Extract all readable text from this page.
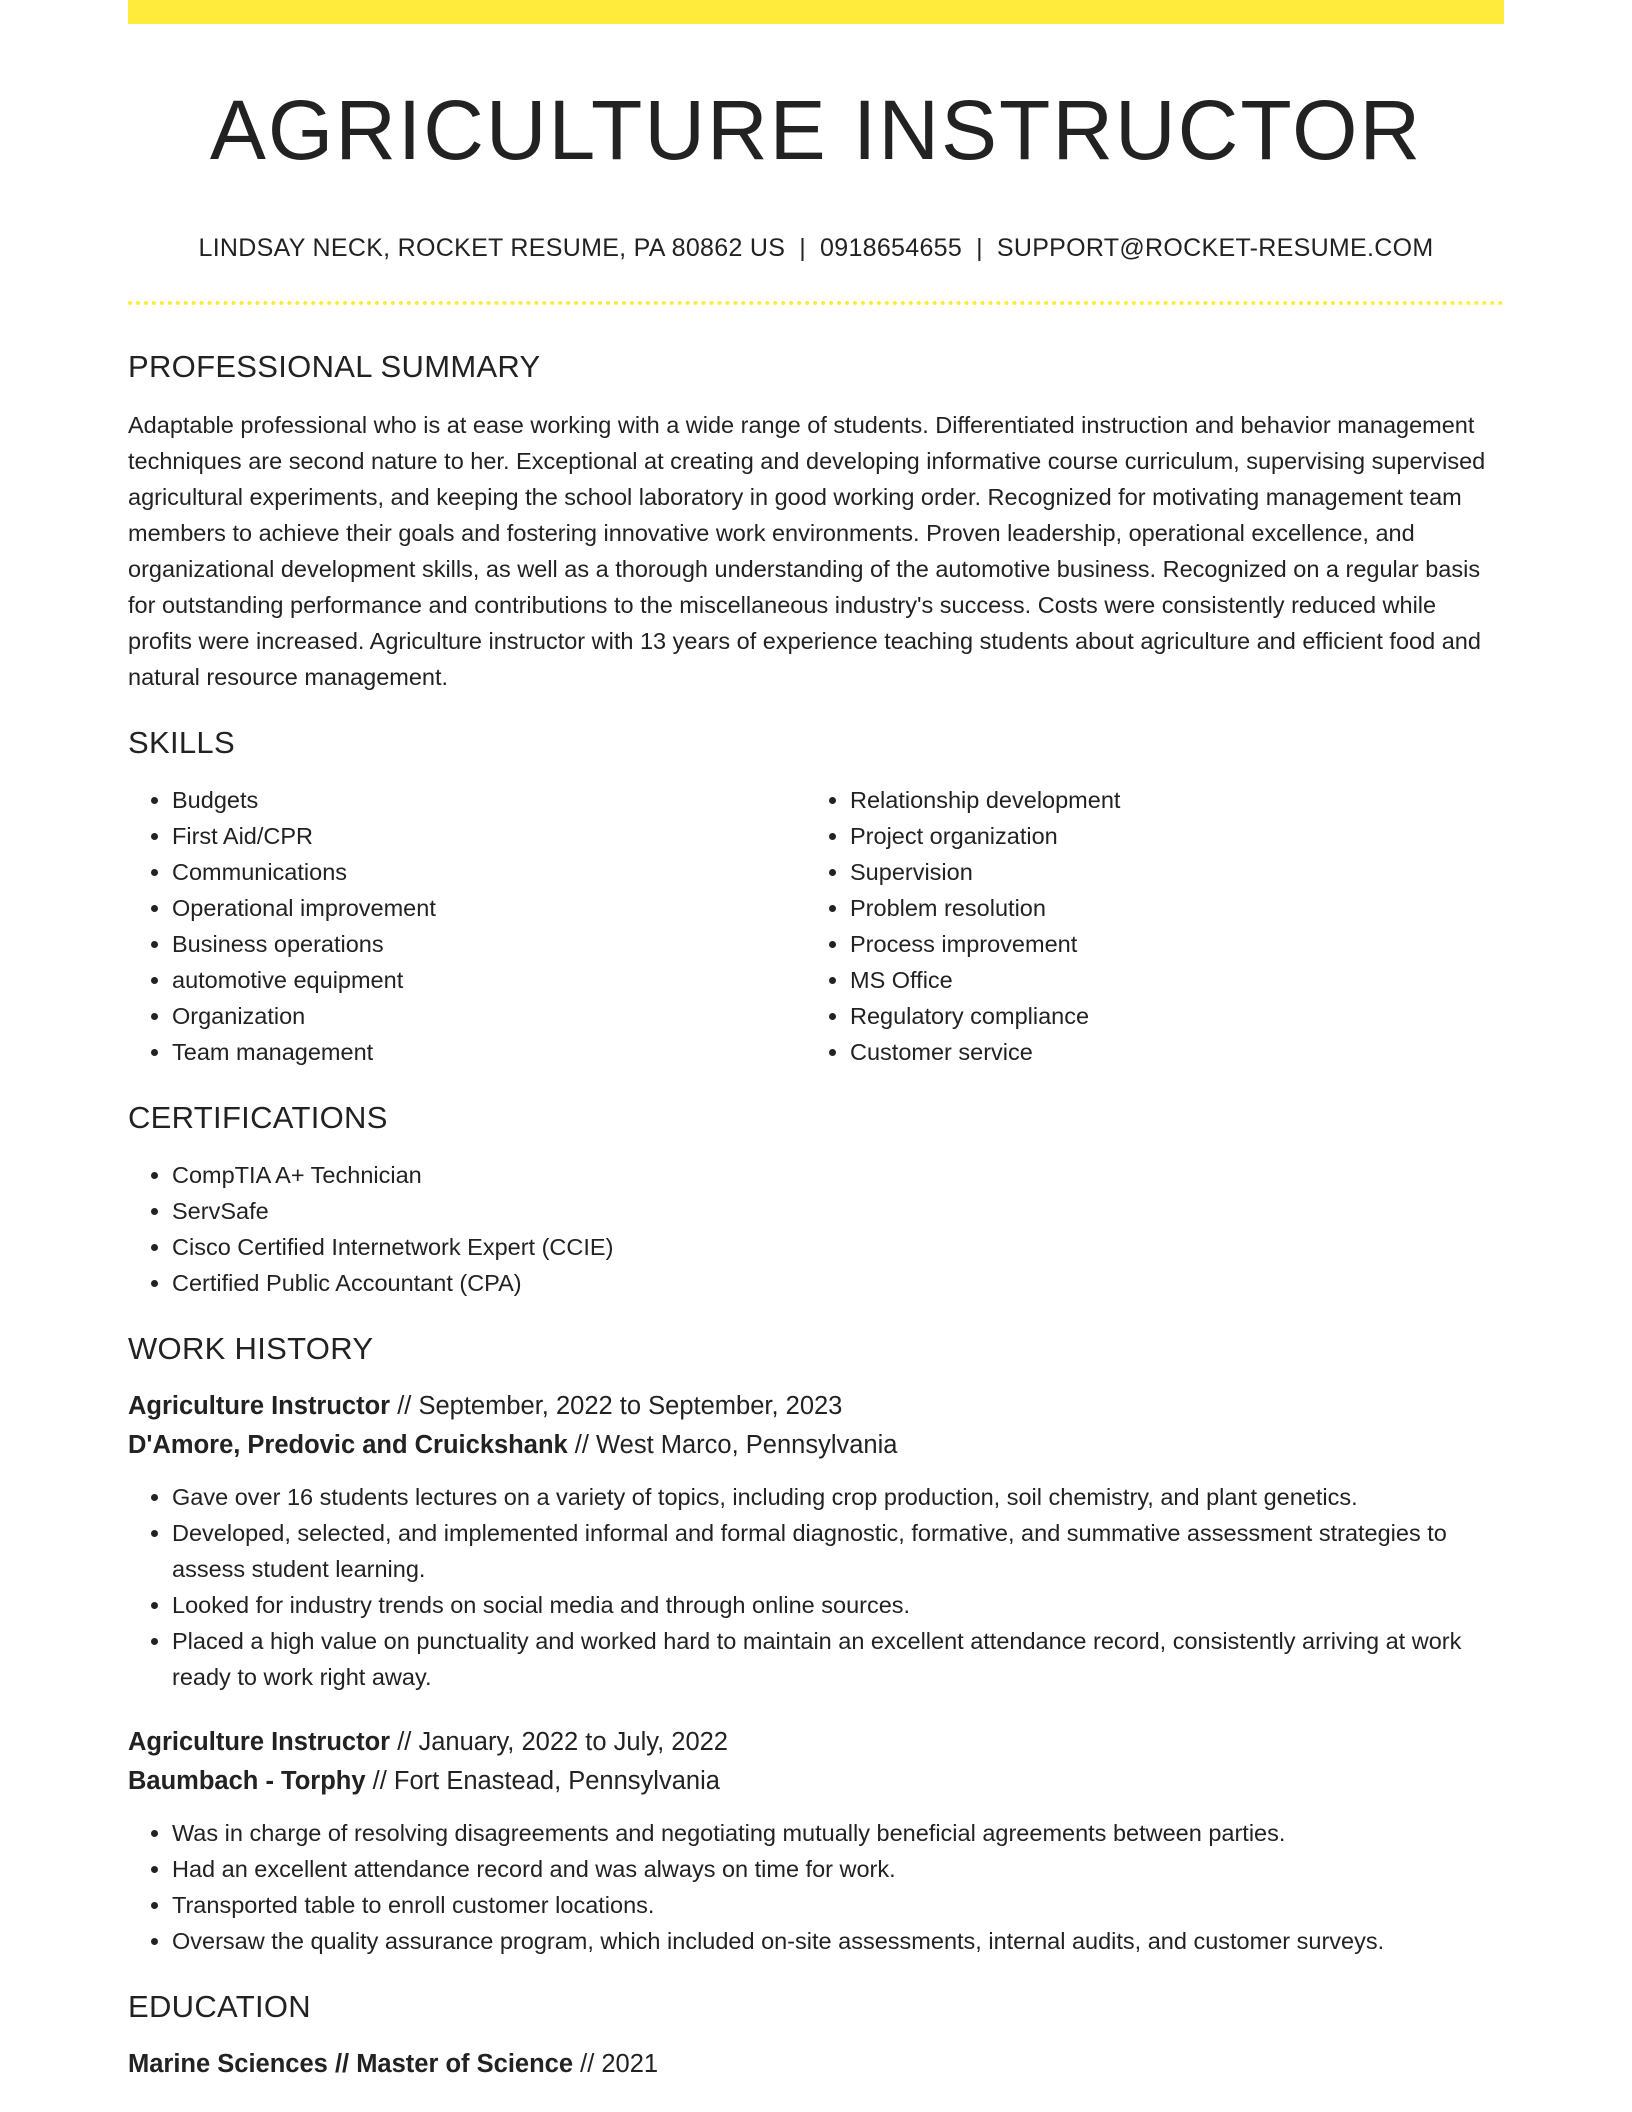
AGRICULTURE INSTRUCTOR
LINDSAY NECK, ROCKET RESUME, PA 80862 US | 0918654655 | SUPPORT@ROCKET-RESUME.COM
PROFESSIONAL SUMMARY

Adaptable professional who is at ease working with a wide range of students. Differentiated instruction and behavior management techniques are second nature to her. Exceptional at creating and developing informative course curriculum, supervising supervised agricultural experiments, and keeping the school laboratory in good working order. Recognized for motivating management team members to achieve their goals and fostering innovative work environments. Proven leadership, operational excellence, and organizational development skills, as well as a thorough understanding of the automotive business. Recognized on a regular basis for outstanding performance and contributions to the miscellaneous industry's success. Costs were consistently reduced while profits were increased. Agriculture instructor with 13 years of experience teaching students about agriculture and efficient food and natural resource management.

SKILLS
• Budgets
• First Aid/CPR
• Communications
• Operational improvement
• Business operations
• automotive equipment
• Organization
• Team management
• Relationship development
• Project organization
• Supervision
• Problem resolution
• Process improvement
• MS Office
• Regulatory compliance
• Customer service
CERTIFICATIONS
• CompTIA A+ Technician
• ServSafe
• Cisco Certified Internetwork Expert (CCIE)
• Certified Public Accountant (CPA)
WORK HISTORY
Agriculture Instructor // September, 2022 to September, 2023
D'Amore, Predovic and Cruickshank // West Marco, Pennsylvania
• Gave over 16 students lectures on a variety of topics, including crop production, soil chemistry, and plant genetics.
• Developed, selected, and implemented informal and formal diagnostic, formative, and summative assessment strategies to assess student learning.
• Looked for industry trends on social media and through online sources.
• Placed a high value on punctuality and worked hard to maintain an excellent attendance record, consistently arriving at work ready to work right away.
Agriculture Instructor // January, 2022 to July, 2022
Baumbach - Torphy // Fort Enastead, Pennsylvania
• Was in charge of resolving disagreements and negotiating mutually beneficial agreements between parties.
• Had an excellent attendance record and was always on time for work.
• Transported table to enroll customer locations.
• Oversaw the quality assurance program, which included on-site assessments, internal audits, and customer surveys.
EDUCATION
Marine Sciences // Master of Science // 2021
